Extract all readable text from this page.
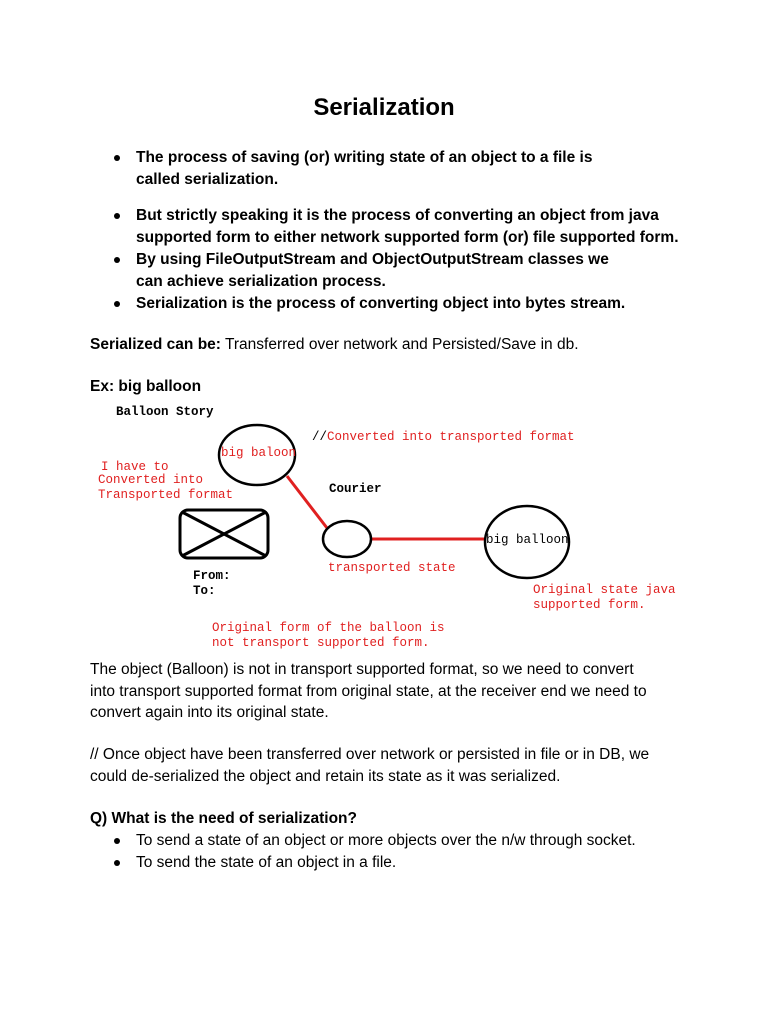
Serialization
The process of saving (or) writing state of an object to a file is called serialization.
But strictly speaking it is the process of converting an object from java supported form to either network supported form (or) file supported form.
By using FileOutputStream and ObjectOutputStream classes we can achieve serialization process.
Serialization is the process of converting object into bytes stream.
Serialized can be: Transferred over network and Persisted/Save in db.
Ex: big balloon
Balloon Story
//Converted into transported format
big baloon
I have to
Converted into
Transported format	Courier
big balloon
From:
To:
transported state
Original state java
supported form.
Original form of the balloon is
not transport supported form.
The object (Balloon) is not in transport supported format, so we need to convert into transport supported format from original state, at the receiver end we need to convert again into its original state.
// Once object have been transferred over network or persisted in file or in DB, we could de-serialized the object and retain its state as it was serialized.
Q) What is the need of serialization?
To send a state of an object or more objects over the n/w through socket.
To send the state of an object in a file.
